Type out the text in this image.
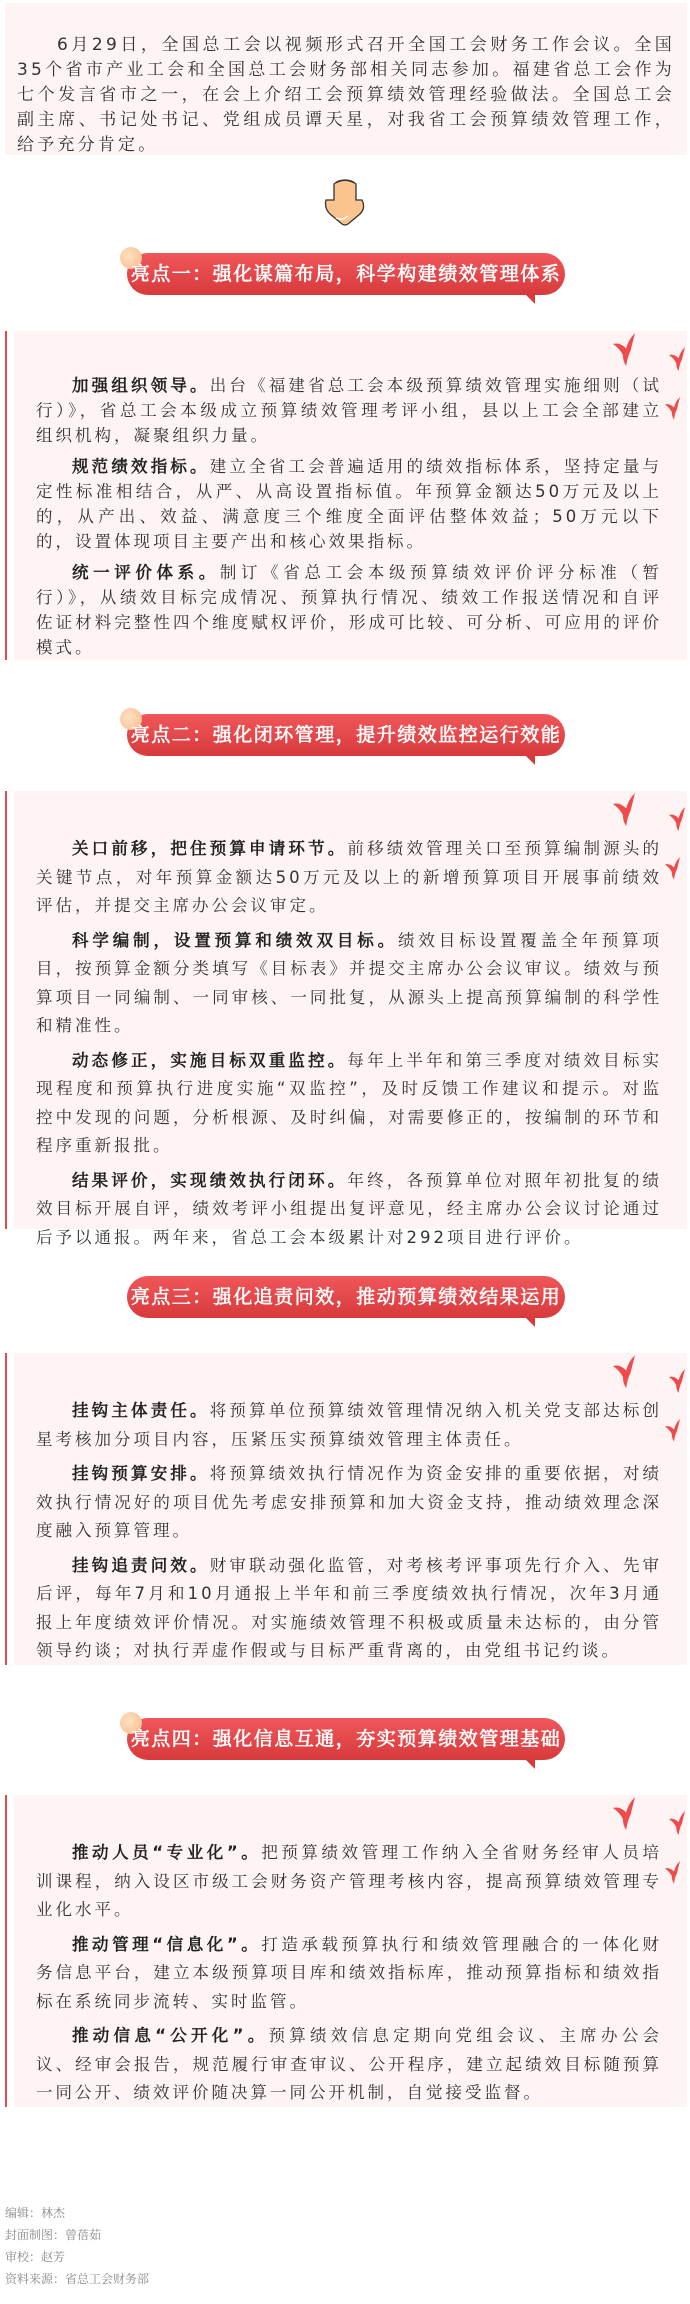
6月29日，全国总工会以视频形式召开全国工会财务工作会议。全国35个省市产业工会和全国总工会财务部相关同志参加。福建省总工会作为七个发言省市之一，在会上介绍工会预算绩效管理经验做法。全国总工会副主席、书记处书记、党组成员谭天星，对我省工会预算绩效管理工作，给予充分肯定。

亮点一：强化谋篇布局，科学构建绩效管理体系

加强组织领导。出台《福建省总工会本级预算绩效管理实施细则（试行）》，省总工会本级成立预算绩效管理考评小组，县以上工会全部建立组织机构，凝聚组织力量。

规范绩效指标。建立全省工会普遍适用的绩效指标体系，坚持定量与定性标准相结合，从严、从高设置指标值。年预算金额达50万元及以上的，从产出、效益、满意度三个维度全面评估整体效益；50万元以下的，设置体现项目主要产出和核心效果指标。

统一评价体系。制订《省总工会本级预算绩效评价评分标准（暂行）》，从绩效目标完成情况、预算执行情况、绩效工作报送情况和自评佐证材料完整性四个维度赋权评价，形成可比较、可分析、可应用的评价模式。

亮点二：强化闭环管理，提升绩效监控运行效能

关口前移，把住预算申请环节。前移绩效管理关口至预算编制源头的关键节点，对年预算金额达50万元及以上的新增预算项目开展事前绩效评估，并提交主席办公会议审定。

科学编制，设置预算和绩效双目标。绩效目标设置覆盖全年预算项目，按预算金额分类填写《目标表》并提交主席办公会议审议。绩效与预算项目一同编制、一同审核、一同批复，从源头上提高预算编制的科学性和精准性。

动态修正，实施目标双重监控。每年上半年和第三季度对绩效目标实现程度和预算执行进度实施“双监控”，及时反馈工作建议和提示。对监控中发现的问题，分析根源、及时纠偏，对需要修正的，按编制的环节和程序重新报批。

结果评价，实现绩效执行闭环。年终，各预算单位对照年初批复的绩效目标开展自评，绩效考评小组提出复评意见，经主席办公会议讨论通过后予以通报。两年来，省总工会本级累计对292项目进行评价。

亮点三：强化追责问效，推动预算绩效结果运用

挂钩主体责任。将预算单位预算绩效管理情况纳入机关党支部达标创星考核加分项目内容，压紧压实预算绩效管理主体责任。

挂钩预算安排。将预算绩效执行情况作为资金安排的重要依据，对绩效执行情况好的项目优先考虑安排预算和加大资金支持，推动绩效理念深度融入预算管理。

挂钩追责问效。财审联动强化监管，对考核考评事项先行介入、先审后评，每年7月和10月通报上半年和前三季度绩效执行情况，次年3月通报上年度绩效评价情况。对实施绩效管理不积极或质量未达标的，由分管领导约谈；对执行弄虚作假或与目标严重背离的，由党组书记约谈。

亮点四：强化信息互通，夯实预算绩效管理基础

推动人员“专业化”。把预算绩效管理工作纳入全省财务经审人员培训课程，纳入设区市级工会财务资产管理考核内容，提高预算绩效管理专业化水平。

推动管理“信息化”。打造承载预算执行和绩效管理融合的一体化财务信息平台，建立本级预算项目库和绩效指标库，推动预算指标和绩效指标在系统同步流转、实时监管。

推动信息“公开化”。预算绩效信息定期向党组会议、主席办公会议、经审会报告，规范履行审查审议、公开程序，建立起绩效目标随预算一同公开、绩效评价随决算一同公开机制，自觉接受监督。

编辑：林杰
封面制图：曾蓓茹
审校：赵芳
资料来源：省总工会财务部
